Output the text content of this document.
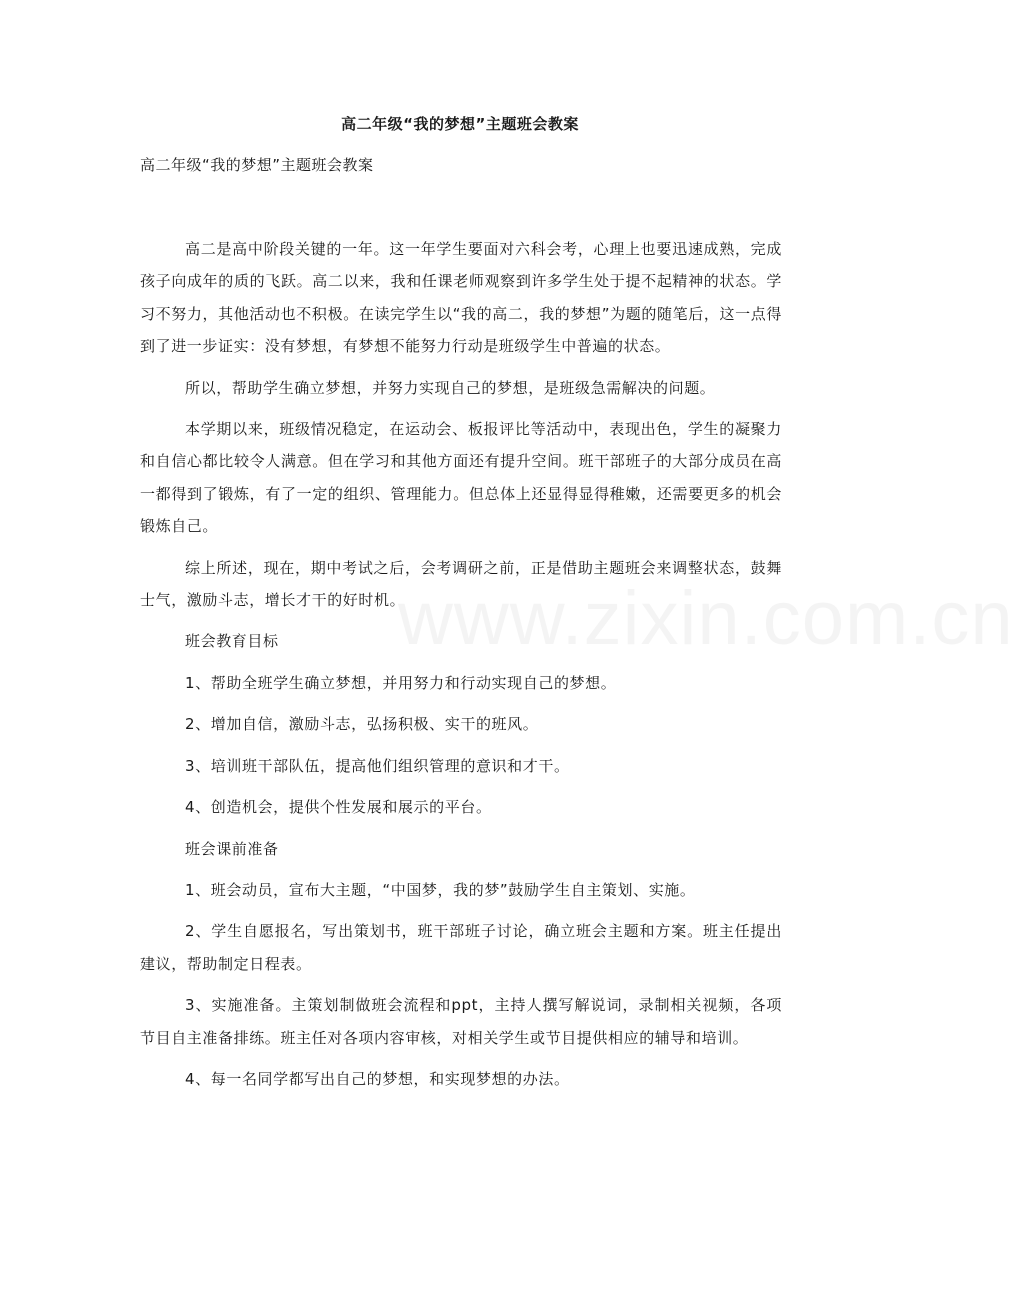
www.zixin.com.cn
高二年级“我的梦想”主题班会教案
高二年级“我的梦想”主题班会教案

高二是高中阶段关键的一年。这一年学生要面对六科会考，心理上也要迅速成熟，完成孩子向成年的质的飞跃。高二以来，我和任课老师观察到许多学生处于提不起精神的状态。学习不努力，其他活动也不积极。在读完学生以“我的高二，我的梦想”为题的随笔后，这一点得到了进一步证实：没有梦想，有梦想不能努力行动是班级学生中普遍的状态。

所以，帮助学生确立梦想，并努力实现自己的梦想，是班级急需解决的问题。

本学期以来，班级情况稳定，在运动会、板报评比等活动中，表现出色，学生的凝聚力和自信心都比较令人满意。但在学习和其他方面还有提升空间。班干部班子的大部分成员在高一都得到了锻炼，有了一定的组织、管理能力。但总体上还显得显得稚嫩，还需要更多的机会锻炼自己。

综上所述，现在，期中考试之后，会考调研之前，正是借助主题班会来调整状态，鼓舞士气，激励斗志，增长才干的好时机。

班会教育目标

1、帮助全班学生确立梦想，并用努力和行动实现自己的梦想。

2、增加自信，激励斗志，弘扬积极、实干的班风。

3、培训班干部队伍，提高他们组织管理的意识和才干。

4、创造机会，提供个性发展和展示的平台。

班会课前准备

1、班会动员，宣布大主题，“中国梦，我的梦”鼓励学生自主策划、实施。

2、学生自愿报名，写出策划书，班干部班子讨论，确立班会主题和方案。班主任提出建议，帮助制定日程表。

3、实施准备。主策划制做班会流程和ppt，主持人撰写解说词，录制相关视频，各项节目自主准备排练。班主任对各项内容审核，对相关学生或节目提供相应的辅导和培训。

4、每一名同学都写出自己的梦想，和实现梦想的办法。
